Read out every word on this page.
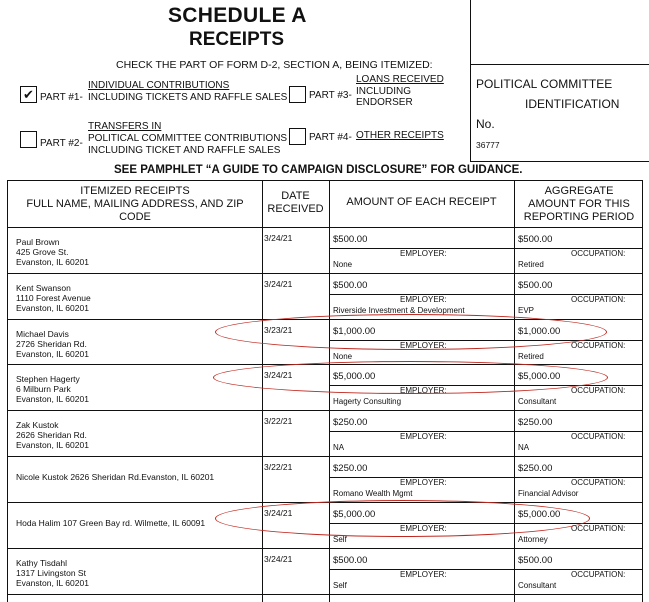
SCHEDULE A
RECEIPTS
CHECK THE PART OF FORM D-2, SECTION A, BEING ITEMIZED:
✔ PART #1-
INDIVIDUAL CONTRIBUTIONS
INCLUDING TICKETS AND RAFFLE SALES PART #3-
LOANS RECEIVED
INCLUDING
ENDORSER
PART #2-
TRANSFERS IN
POLITICAL COMMITTEE CONTRIBUTIONS
INCLUDING TICKET AND RAFFLE SALES
PART #4- OTHER RECEIPTS
POLITICAL COMMITTEE
IDENTIFICATION
No.
36777
SEE PAMPHLET “A GUIDE TO CAMPAIGN DISCLOSURE” FOR GUIDANCE.
ITEMIZED RECEIPTS
FULL NAME, MAILING ADDRESS, AND ZIP
CODE
DATE
RECEIVED
AMOUNT OF EACH RECEIPT
AGGREGATE
AMOUNT FOR THIS
REPORTING PERIOD
Paul Brown
425 Grove St.
Evanston, IL 60201
3/24/21	$500.00	$500.00
EMPLOYER:
None
OCCUPATION:
Retired
Kent Swanson
1110 Forest Avenue
Evanston, IL 60201
3/24/21	$500.00	$500.00
EMPLOYER:
Riverside Investment & Development
OCCUPATION:
EVP
Michael Davis
2726 Sheridan Rd.
Evanston, IL 60201
3/23/21	$1,000.00	$1,000.00
EMPLOYER:
None
OCCUPATION:
Retired
Stephen Hagerty
6 Milburn Park
Evanston, IL 60201
3/24/21	$5,000.00	$5,000.00
EMPLOYER:
Hagerty Consulting
OCCUPATION:
Consultant
Zak Kustok
2626 Sheridan Rd.
Evanston, IL 60201
3/22/21	$250.00	$250.00
EMPLOYER:
NA
OCCUPATION:
NA
Nicole Kustok 2626 Sheridan Rd.Evanston, IL 60201
3/22/21	$250.00	$250.00
EMPLOYER:
Romano Wealth Mgmt
OCCUPATION:
Financial Advisor
Hoda Halim 107 Green Bay rd. Wilmette, IL 60091
3/24/21	$5,000.00	$5,000.00
EMPLOYER:
Self
OCCUPATION:
Attorney
Kathy Tisdahl
1317 Livingston St
Evanston, IL 60201
3/24/21	$500.00	$500.00
EMPLOYER:
Self
OCCUPATION:
Consultant
